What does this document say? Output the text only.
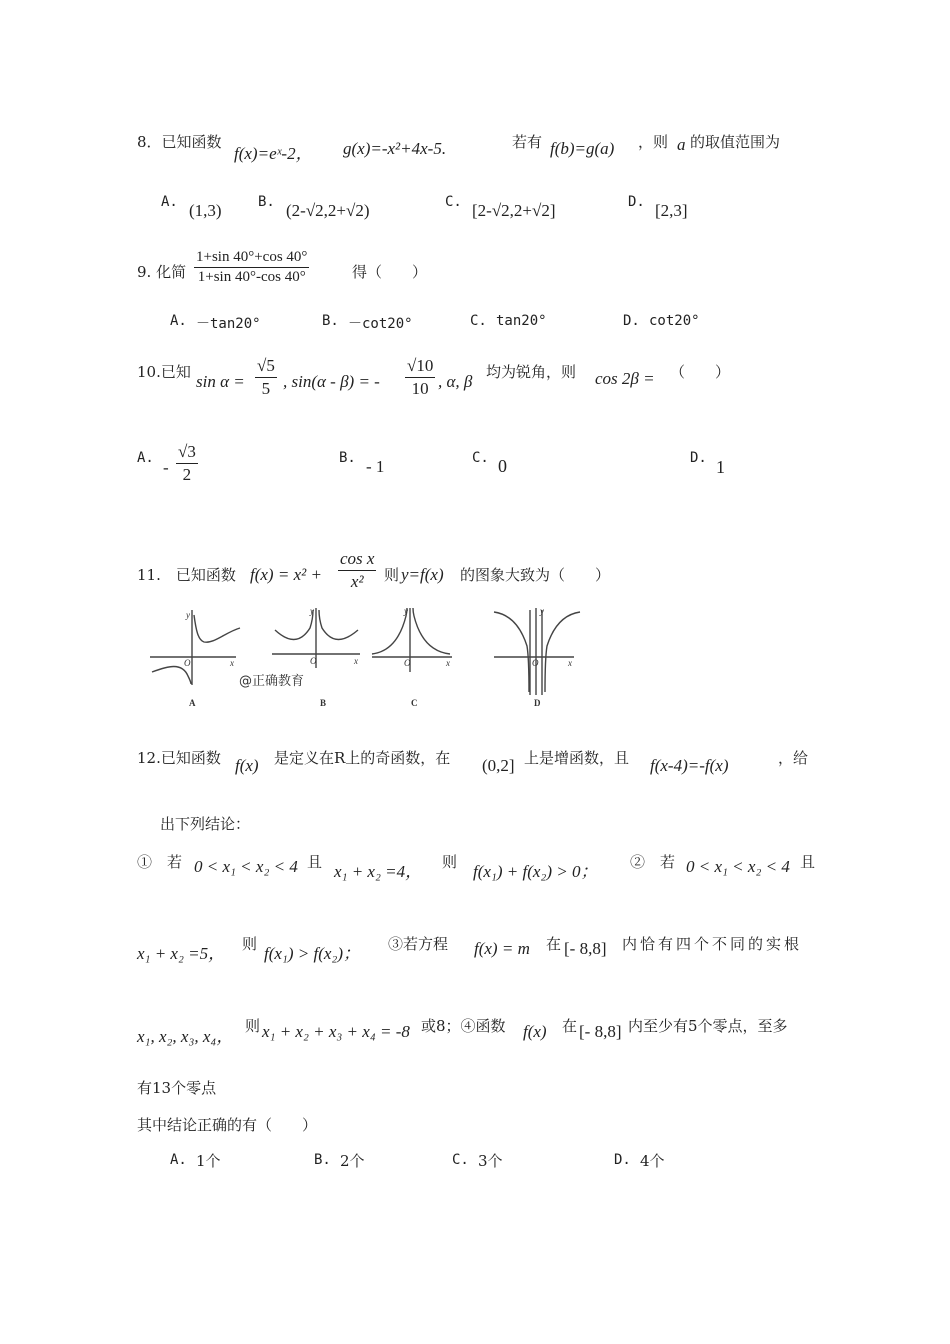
8．已知函数
f(x)=eˣ-2， g(x)=-x²+4x-5.	若有 f(b)=g(a) ，则 a 的取值范围为
A. (1,3)	B. (2-√2,2+√2)	C. [2-√2,2+√2]	D. [2,3]
9. 化简 $\frac{1+\sin 40^\circ+\cos 40^\circ}{1+\sin 40^\circ-\cos 40^\circ}$	得（　　）
A. －tan20°	B. －cot20°	C. tan20°	D. cot20°
10.已知 $\sin \alpha = \frac{√5}{5}$ , sin(α - β) = - $\frac{√10}{10}$ , α, β 均为锐角，则 cos 2β = （　　）
A. - $\frac{√3}{2}$	B. - 1	C. 0	D. 1
11.　已知函数 $f(x) = x^2 + \frac{\text{cos x}}{\text{x²}}$ 则 y=f(x) 的图象大致为（　　）
y
x
O
y
x
O
y
x
O
y
x
O
A	B	C	D
@正确教育
12.已知函数 f(x) 是定义在R上的奇函数，在 (0,2] 上是增函数，且 f(x-4)=-f(x)	，给
出下列结论：
①　若 0 < x₁ < x₂ < 4 且 x₁ + x₂ =4， 则 f(x₁) + f(x₂) > 0； ②　若 0 < x₁ < x₂ < 4 且
x₁ + x₂ =5， 则 f(x₁) > f(x₂)； ③若方程 f(x) = m 在 [- 8,8] 内恰有四个不同的实根
x₁, x₂, x₃, x₄，
则 x₁ + x₂ + x₃ + x₄ = -8 或8；④函数 f(x) 在 [- 8,8] 内至少有5个零点，至多
有13个零点
其中结论正确的有（　　）
A. 1个	B. 2个	C. 3个	D. 4个
